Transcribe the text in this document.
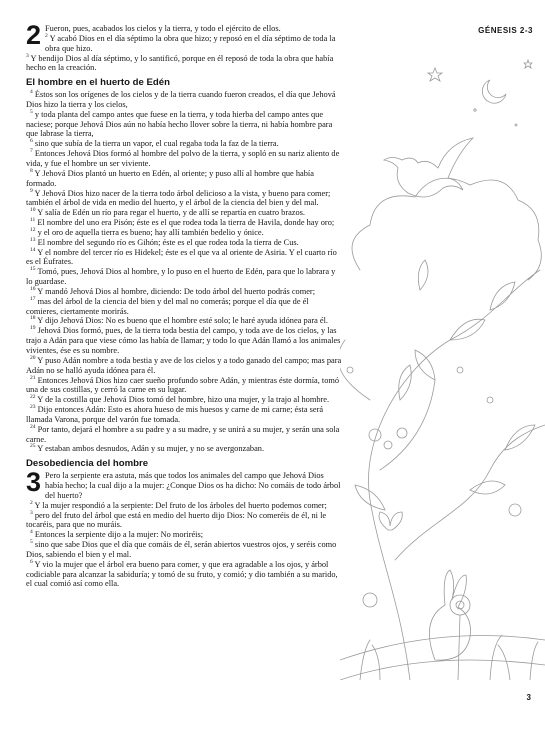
GÉNESIS 2-3

2 Fueron, pues, acabados los cielos y la tierra, y todo el ejército de ellos.
$^2$ Y acabó Dios en el día séptimo la obra que hizo; y reposó en el día séptimo de toda la obra que hizo.
$^3$ Y bendijo Dios al día séptimo, y lo santificó, porque en él reposó de toda la obra que había hecho en la creación.

El hombre en el huerto de Edén

$^4$ Éstos son los orígenes de los cielos y de la tierra cuando fueron creados, el día que Jehová Dios hizo la tierra y los cielos,

$^5$ y toda planta del campo antes que fuese en la tierra, y toda hierba del campo antes que naciese; porque Jehová Dios aún no había hecho llover sobre la tierra, ni había hombre para que labrase la tierra,

$^6$ sino que subía de la tierra un vapor, el cual regaba toda la faz de la tierra.

$^7$ Entonces Jehová Dios formó al hombre del polvo de la tierra, y sopló en su nariz aliento de vida, y fue el hombre un ser viviente.

$^8$ Y Jehová Dios plantó un huerto en Edén, al oriente; y puso allí al hombre que había formado.

$^9$ Y Jehová Dios hizo nacer de la tierra todo árbol delicioso a la vista, y bueno para comer; también el árbol de vida en medio del huerto, y el árbol de la ciencia del bien y del mal.

$^{10}$ Y salía de Edén un río para regar el huerto, y de allí se repartía en cuatro brazos.

$^{11}$ El nombre del uno era Pisón; éste es el que rodea toda la tierra de Havila, donde hay oro;

$^{12}$ y el oro de aquella tierra es bueno; hay allí también bedelio y ónice.

$^{13}$ El nombre del segundo río es Gihón; éste es el que rodea toda la tierra de Cus.

$^{14}$ Y el nombre del tercer río es Hidekel; éste es el que va al oriente de Asiria. Y el cuarto río es el Éufrates.

$^{15}$ Tomó, pues, Jehová Dios al hombre, y lo puso en el huerto de Edén, para que lo labrara y lo guardase.

$^{16}$ Y mandó Jehová Dios al hombre, diciendo: De todo árbol del huerto podrás comer;

$^{17}$ mas del árbol de la ciencia del bien y del mal no comerás; porque el día que de él comieres, ciertamente morirás.

$^{18}$ Y dijo Jehová Dios: No es bueno que el hombre esté solo; le haré ayuda idónea para él.

$^{19}$ Jehová Dios formó, pues, de la tierra toda bestia del campo, y toda ave de los cielos, y las trajo a Adán para que viese cómo las había de llamar; y todo lo que Adán llamó a los animales vivientes, ése es su nombre.

$^{20}$ Y puso Adán nombre a toda bestia y ave de los cielos y a todo ganado del campo; mas para Adán no se halló ayuda idónea para él.

$^{21}$ Entonces Jehová Dios hizo caer sueño profundo sobre Adán, y mientras éste dormía, tomó una de sus costillas, y cerró la carne en su lugar.

$^{22}$ Y de la costilla que Jehová Dios tomó del hombre, hizo una mujer, y la trajo al hombre.

$^{23}$ Dijo entonces Adán: Esto es ahora hueso de mis huesos y carne de mi carne; ésta será llamada Varona, porque del varón fue tomada.

$^{24}$ Por tanto, dejará el hombre a su padre y a su madre, y se unirá a su mujer, y serán una sola carne.

$^{25}$ Y estaban ambos desnudos, Adán y su mujer, y no se avergonzaban.

Desobediencia del hombre

3 Pero la serpiente era astuta, más que todos los animales del campo que Jehová Dios había hecho; la cual dijo a la mujer: ¿Conque Dios os ha dicho: No comáis de todo árbol del huerto?

$^2$ Y la mujer respondió a la serpiente: Del fruto de los árboles del huerto podemos comer;

$^3$ pero del fruto del árbol que está en medio del huerto dijo Dios: No comeréis de él, ni le tocaréis, para que no muráis.

$^4$ Entonces la serpiente dijo a la mujer: No moriréis;

$^5$ sino que sabe Dios que el día que comáis de él, serán abiertos vuestros ojos, y seréis como Dios, sabiendo el bien y el mal.

$^6$ Y vio la mujer que el árbol era bueno para comer, y que era agradable a los ojos, y árbol codiciable para alcanzar la sabiduría; y tomó de su fruto, y comió; y dio también a su marido, el cual comió así como ella.

3
